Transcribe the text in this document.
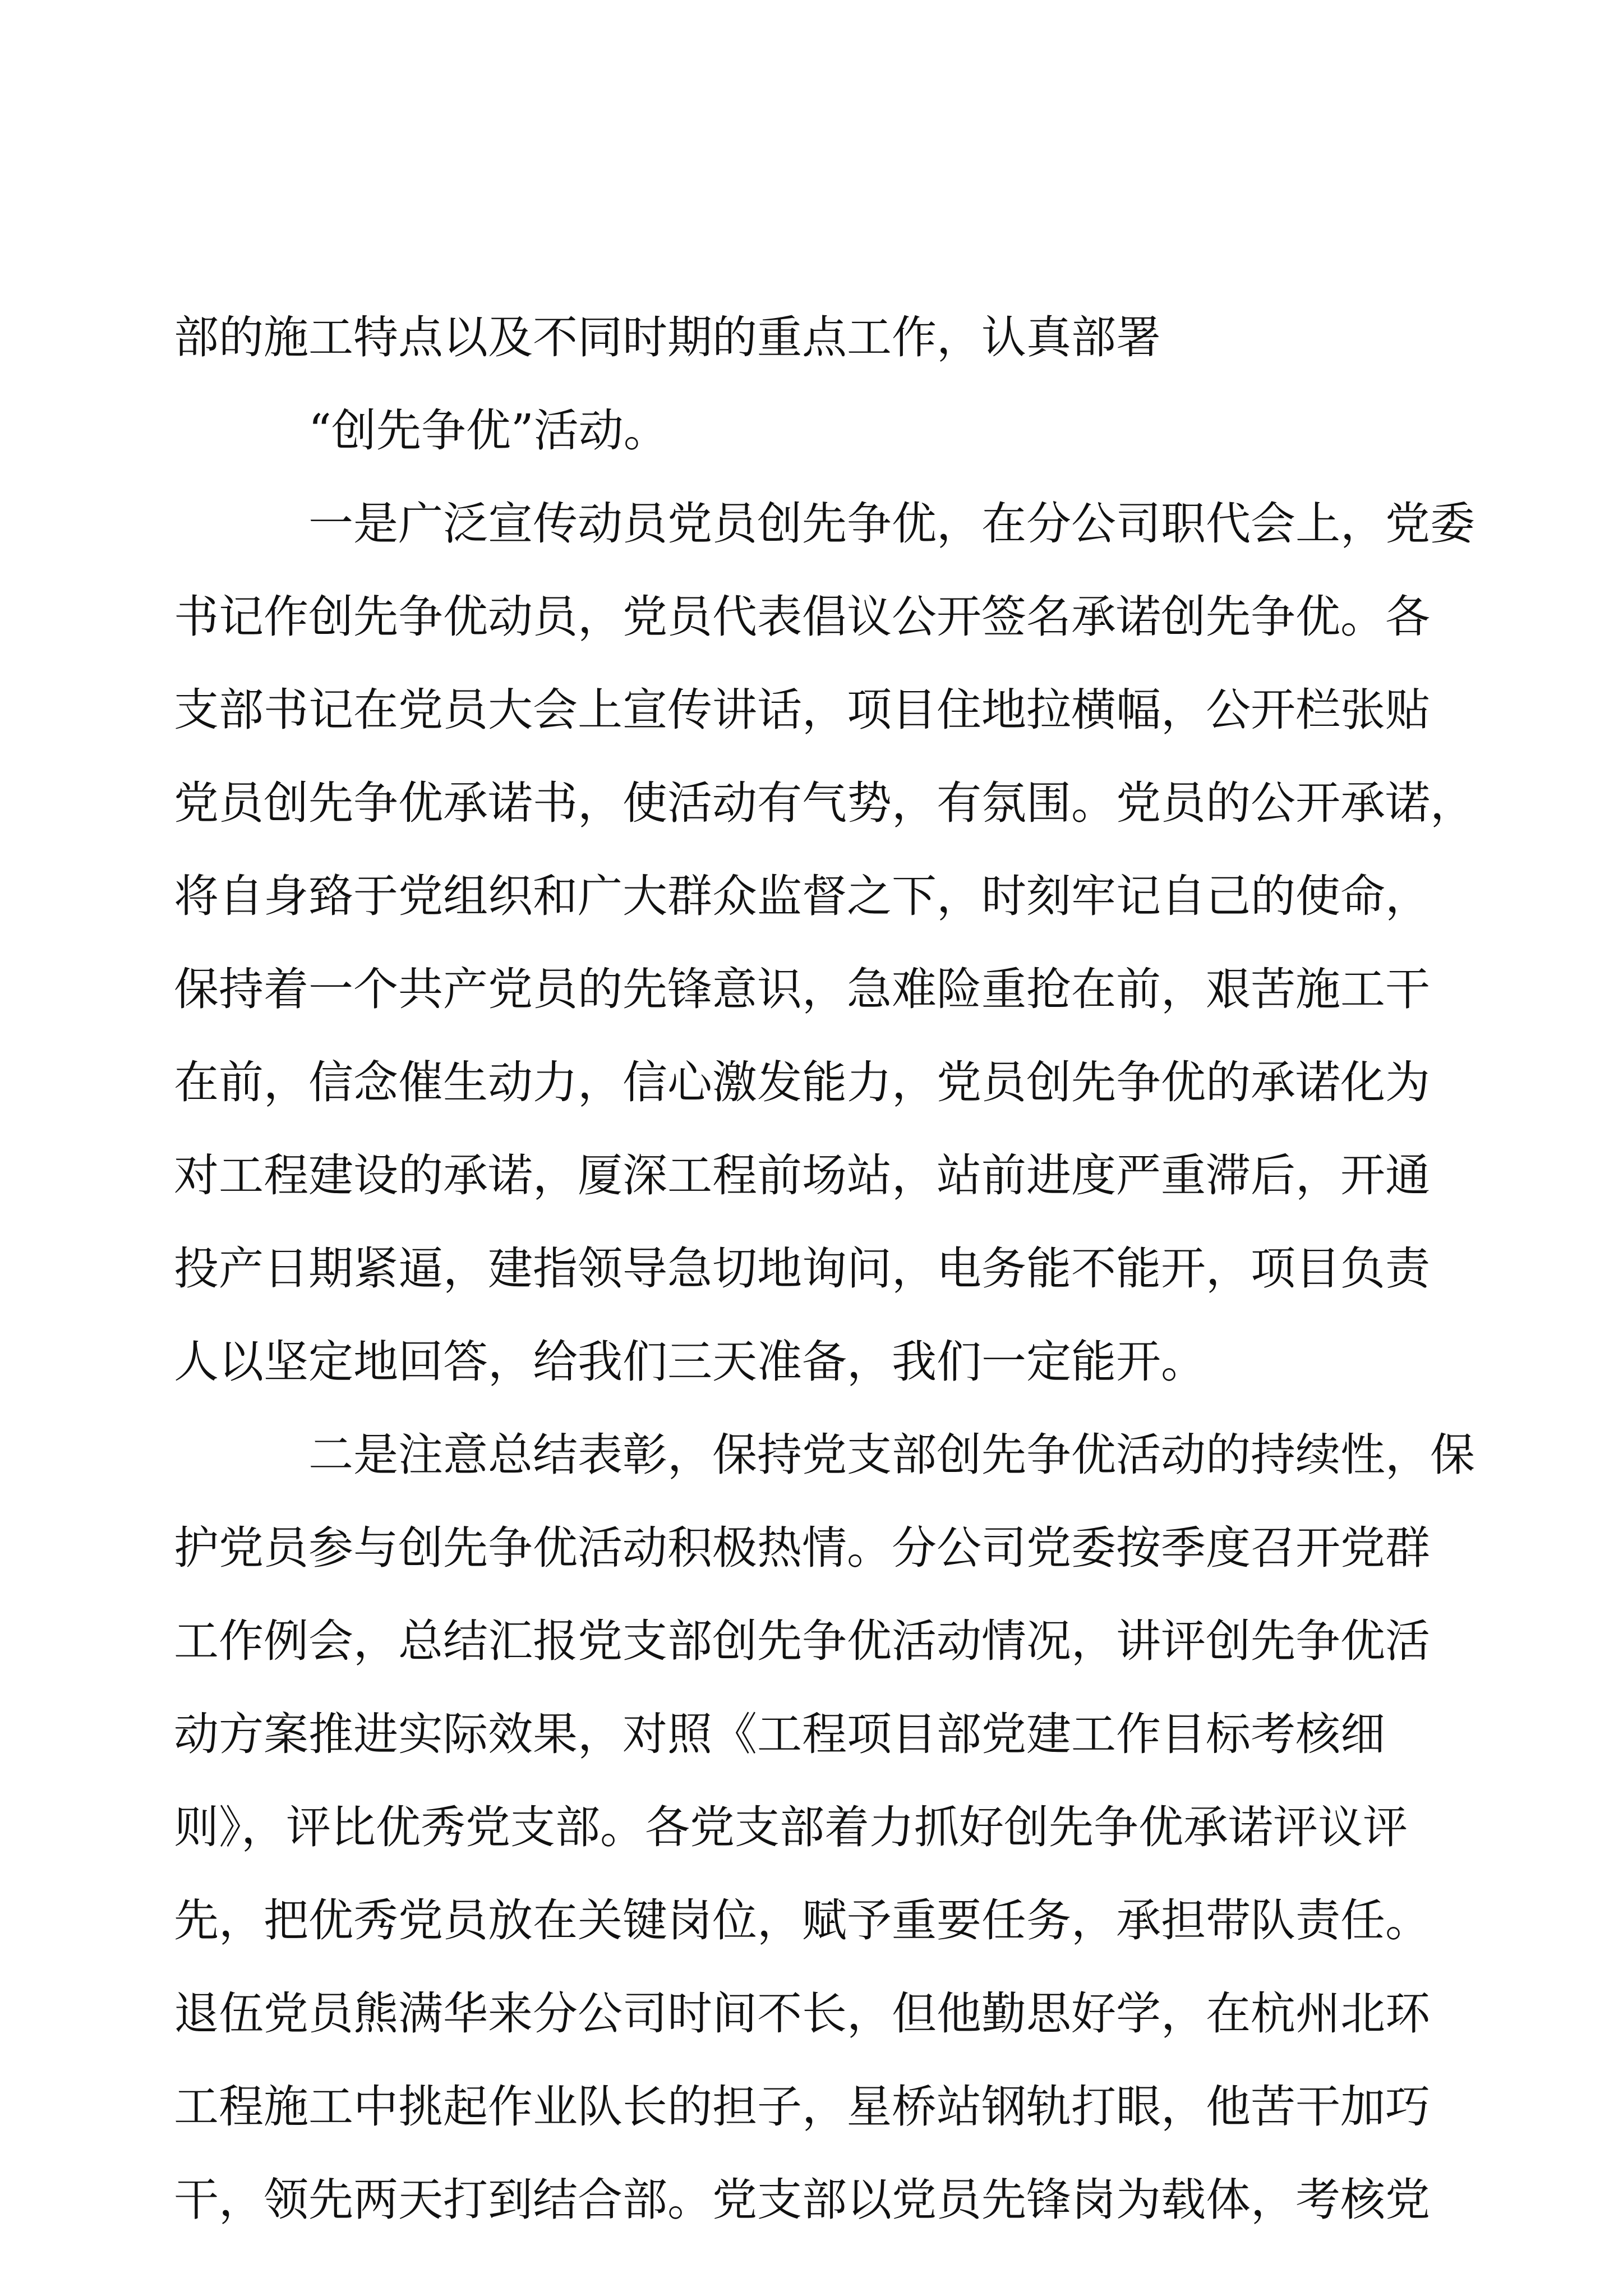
部的施工特点以及不同时期的重点工作，认真部署
“创先争优”活动。
一是广泛宣传动员党员创先争优，在分公司职代会上，党委
书记作创先争优动员，党员代表倡议公开签名承诺创先争优。各
支部书记在党员大会上宣传讲话，项目住地拉横幅，公开栏张贴
党员创先争优承诺书，使活动有气势，有氛围。党员的公开承诺，
将自身臵于党组织和广大群众监督之下，时刻牢记自己的使命，
保持着一个共产党员的先锋意识，急难险重抢在前，艰苦施工干
在前，信念催生动力，信心激发能力，党员创先争优的承诺化为
对工程建设的承诺，厦深工程前场站，站前进度严重滞后，开通
投产日期紧逼，建指领导急切地询问，电务能不能开，项目负责
人以坚定地回答，给我们三天准备，我们一定能开。
二是注意总结表彰，保持党支部创先争优活动的持续性，保
护党员参与创先争优活动积极热情。分公司党委按季度召开党群
工作例会，总结汇报党支部创先争优活动情况，讲评创先争优活
动方案推进实际效果，对照《工程项目部党建工作目标考核细
则》，评比优秀党支部。各党支部着力抓好创先争优承诺评议评
先，把优秀党员放在关键岗位，赋予重要任务，承担带队责任。
退伍党员熊满华来分公司时间不长，但他勤思好学，在杭州北环
工程施工中挑起作业队长的担子，星桥站钢轨打眼，他苦干加巧
干，领先两天打到结合部。党支部以党员先锋岗为载体，考核党
